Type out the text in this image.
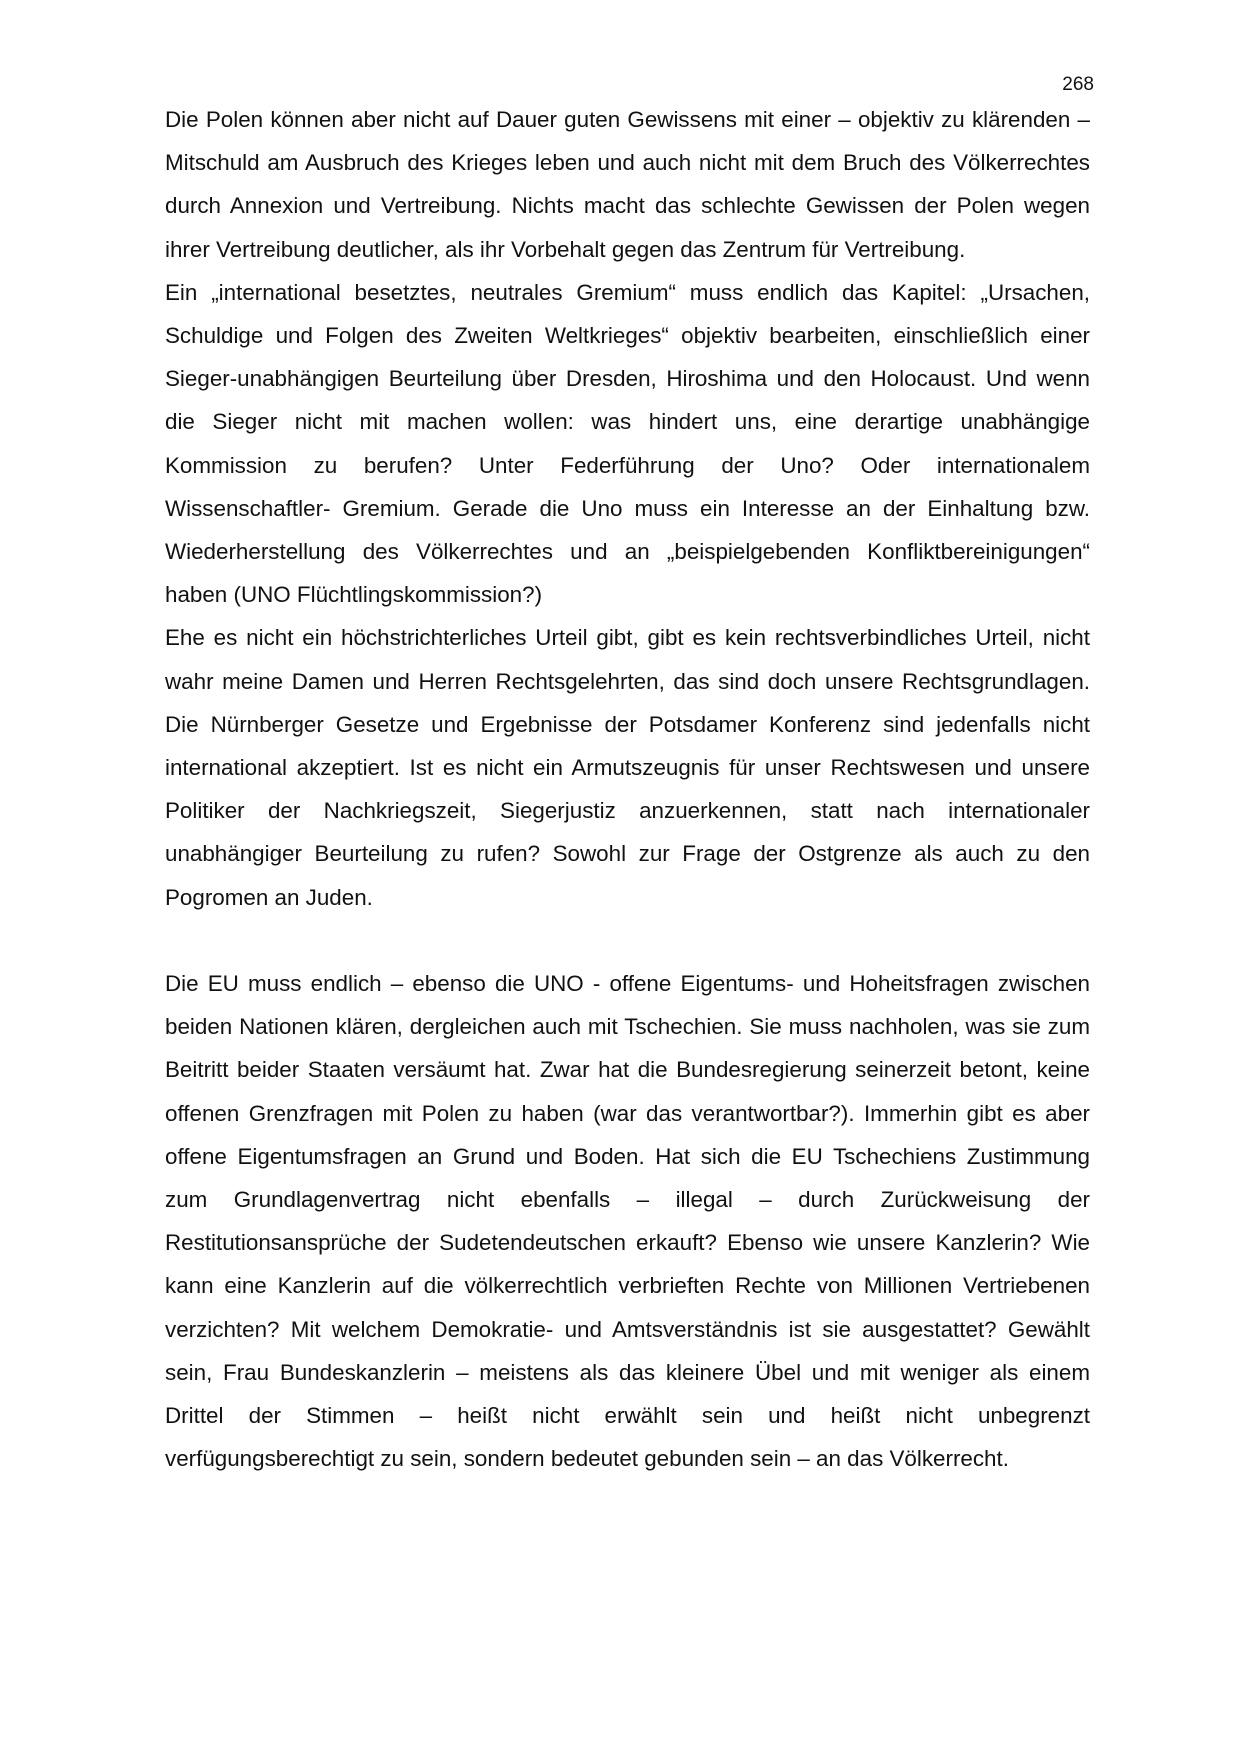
268

Die Polen können aber nicht auf Dauer guten Gewissens mit einer – objektiv zu klärenden – Mitschuld am Ausbruch des Krieges leben und auch nicht mit dem Bruch des Völkerrechtes durch Annexion und Vertreibung. Nichts macht das schlechte Gewissen der Polen wegen ihrer Vertreibung deutlicher, als ihr Vorbehalt gegen das Zentrum für Vertreibung.

Ein „international besetztes, neutrales Gremium“ muss endlich das Kapitel: „Ursachen, Schuldige und Folgen des Zweiten Weltkrieges“ objektiv bearbeiten, einschließlich einer Sieger-unabhängigen Beurteilung über Dresden, Hiroshima und den Holocaust. Und wenn die Sieger nicht mit machen wollen: was hindert uns, eine derartige unabhängige Kommission zu berufen? Unter Federführung der Uno? Oder internationalem Wissenschaftler- Gremium. Gerade die Uno muss ein Interesse an der Einhaltung bzw. Wiederherstellung des Völkerrechtes und an „beispielgebenden Konfliktbereinigungen“ haben (UNO Flüchtlingskommission?)

Ehe es nicht ein höchstrichterliches Urteil gibt, gibt es kein rechtsverbindliches Urteil, nicht wahr meine Damen und Herren Rechtsgelehrten, das sind doch unsere Rechtsgrundlagen. Die Nürnberger Gesetze und Ergebnisse der Potsdamer Konferenz sind jedenfalls nicht international akzeptiert. Ist es nicht ein Armutszeugnis für unser Rechtswesen und unsere Politiker der Nachkriegszeit, Siegerjustiz anzuerkennen, statt nach internationaler unabhängiger Beurteilung zu rufen? Sowohl zur Frage der Ostgrenze als auch zu den Pogromen an Juden.

Die EU muss endlich – ebenso die UNO - offene Eigentums- und Hoheitsfragen zwischen beiden Nationen klären, dergleichen auch mit Tschechien. Sie muss nachholen, was sie zum Beitritt beider Staaten versäumt hat. Zwar hat die Bundesregierung seinerzeit betont, keine offenen Grenzfragen mit Polen zu haben (war das verantwortbar?). Immerhin gibt es aber offene Eigentumsfragen an Grund und Boden. Hat sich die EU Tschechiens Zustimmung zum Grundlagenvertrag nicht ebenfalls – illegal – durch Zurückweisung der Restitutionsansprüche der Sudetendeutschen erkauft? Ebenso wie unsere Kanzlerin? Wie kann eine Kanzlerin auf die völkerrechtlich verbrieften Rechte von Millionen Vertriebenen verzichten? Mit welchem Demokratie- und Amtsverständnis ist sie ausgestattet? Gewählt sein, Frau Bundeskanzlerin – meistens als das kleinere Übel und mit weniger als einem Drittel der Stimmen – heißt nicht erwählt sein und heißt nicht unbegrenzt verfügungsberechtigt zu sein, sondern bedeutet gebunden sein – an das Völkerrecht.
